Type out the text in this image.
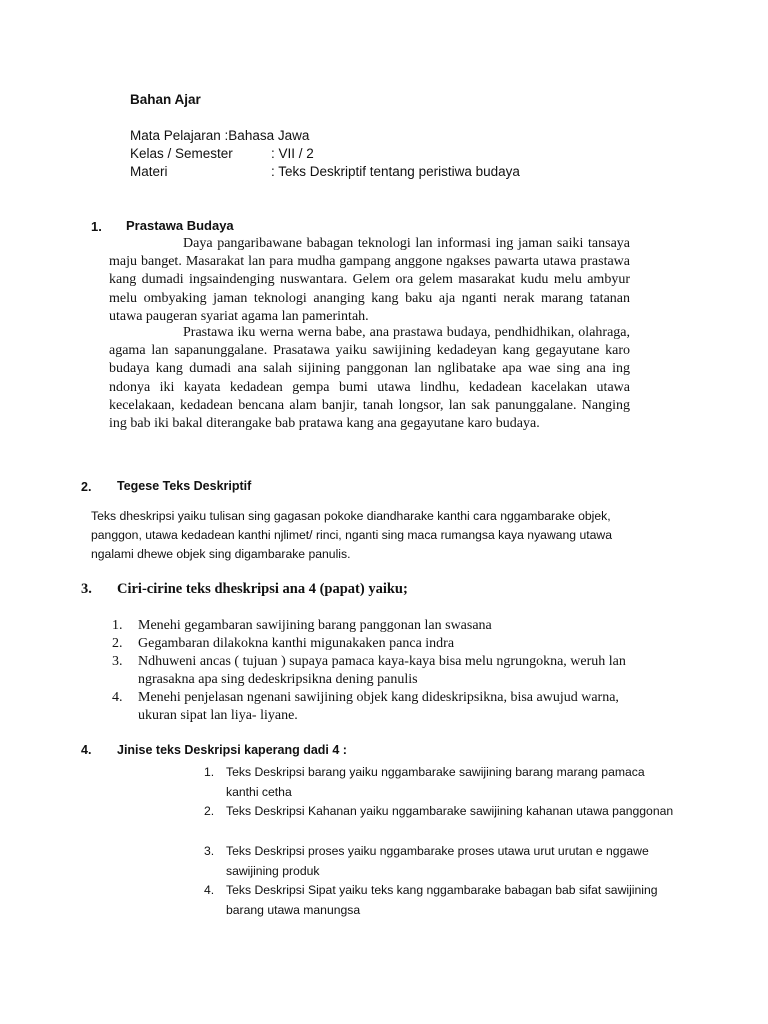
Bahan Ajar
Mata Pelajaran :Bahasa Jawa
Kelas / Semester	: VII / 2
Materi	: Teks Deskriptif tentang peristiwa budaya
1. Prastawa Budaya

Daya pangaribawane babagan teknologi lan informasi ing jaman saiki tansaya maju banget. Masarakat lan para mudha gampang anggone ngakses pawarta utawa prastawa kang dumadi ingsaindenging nuswantara. Gelem ora gelem masarakat kudu melu ambyur melu ombyaking jaman teknologi ananging kang baku aja nganti nerak marang tatanan utawa paugeran syariat agama lan pamerintah.

Prastawa iku werna werna babe, ana prastawa budaya, pendhidhikan, olahraga, agama lan sapanunggalane. Prasatawa yaiku sawijining kedadeyan kang gegayutane karo budaya kang dumadi ana salah sijining panggonan lan nglibatake apa wae sing ana ing ndonya iki kayata kedadean gempa bumi utawa lindhu, kedadean kacelakan utawa kecelakaan, kedadean bencana alam banjir, tanah longsor, lan sak panunggalane. Nanging ing bab iki bakal diterangake bab pratawa kang ana gegayutane karo budaya.

2. Tegese Teks Deskriptif

Teks dheskripsi yaiku tulisan sing gagasan pokoke diandharake kanthi cara nggambarake objek, panggon, utawa kedadean kanthi njlimet/ rinci, nganti sing maca rumangsa kaya nyawang utawa ngalami dhewe objek sing digambarake panulis.

3. Ciri-cirine teks dheskripsi ana 4 (papat) yaiku;
1. Menehi gegambaran sawijining barang panggonan lan swasana
2. Gegambaran dilakokna kanthi migunakaken panca indra
3. Ndhuweni ancas ( tujuan ) supaya pamaca kaya-kaya bisa melu ngrungokna, weruh lan ngrasakna apa sing dedeskripsikna dening panulis
4. Menehi penjelasan ngenani sawijining objek kang dideskripsikna, bisa awujud warna, ukuran sipat lan liya- liyane.
4. Jinise teks Deskripsi kaperang dadi 4 :
1. Teks Deskripsi barang yaiku nggambarake sawijining barang marang pamaca kanthi cetha
2. Teks Deskripsi Kahanan yaiku nggambarake sawijining kahanan utawa panggonan
3. Teks Deskripsi proses yaiku nggambarake proses utawa urut urutan e nggawe sawijining produk
4. Teks Deskripsi Sipat yaiku teks kang nggambarake babagan bab sifat sawijining barang utawa manungsa
